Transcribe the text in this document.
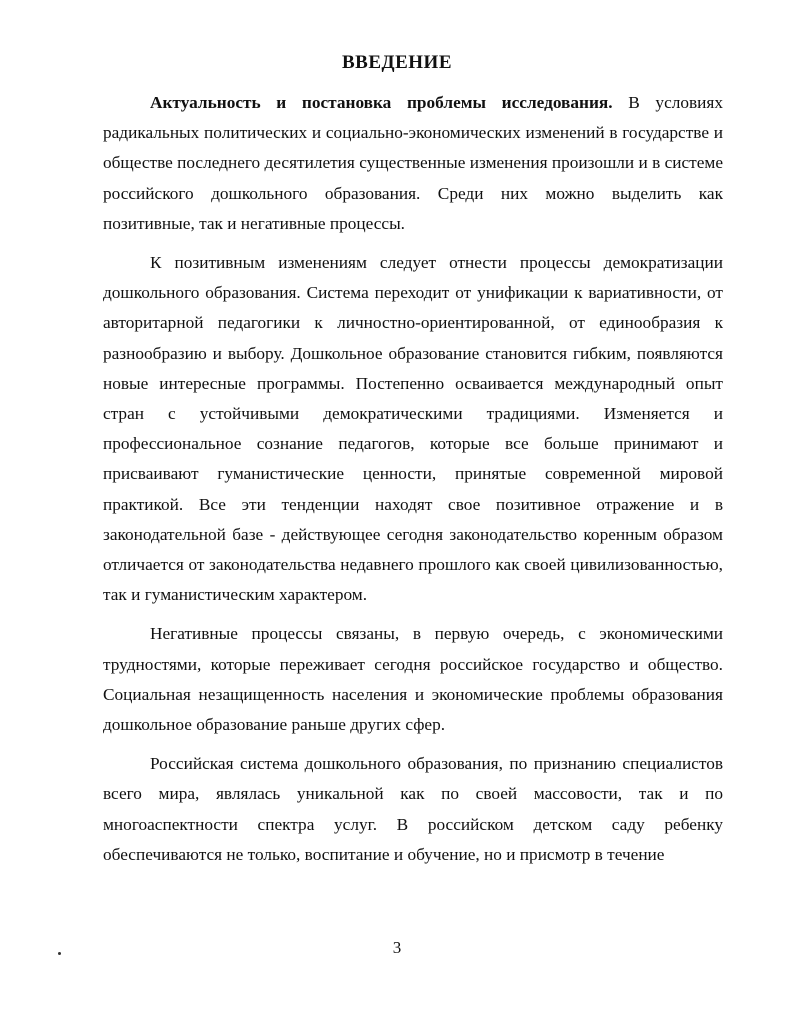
ВВЕДЕНИЕ

Актуальность и постановка проблемы исследования. В условиях радикальных политических и социально-экономических изменений в государстве и обществе последнего десятилетия существенные изменения произошли и в системе российского дошкольного образования. Среди них можно выделить как позитивные, так и негативные процессы.

К позитивным изменениям следует отнести процессы демократизации дошкольного образования. Система переходит от унификации к вариативности, от авторитарной педагогики к личностно-ориентированной, от единообразия к разнообразию и выбору. Дошкольное образование становится гибким, появляются новые интересные программы. Постепенно осваивается международный опыт стран с устойчивыми демократическими традициями. Изменяется и профессиональное сознание педагогов, которые все больше принимают и присваивают гуманистические ценности, принятые современной мировой практикой. Все эти тенденции находят свое позитивное отражение и в законодательной базе - действующее сегодня законодательство коренным образом отличается от законодательства недавнего прошлого как своей цивилизованностью, так и гуманистическим характером.

Негативные процессы связаны, в первую очередь, с экономическими трудностями, которые переживает сегодня российское государство и общество. Социальная незащищенность населения и экономические проблемы образования дошкольное образование раньше других сфер.

Российская система дошкольного образования, по признанию специалистов всего мира, являлась уникальной как по своей массовости, так и по многоаспектности спектра услуг. В российском детском саду ребенку обеспечиваются не только, воспитание и обучение, но и присмотр в течение

3
